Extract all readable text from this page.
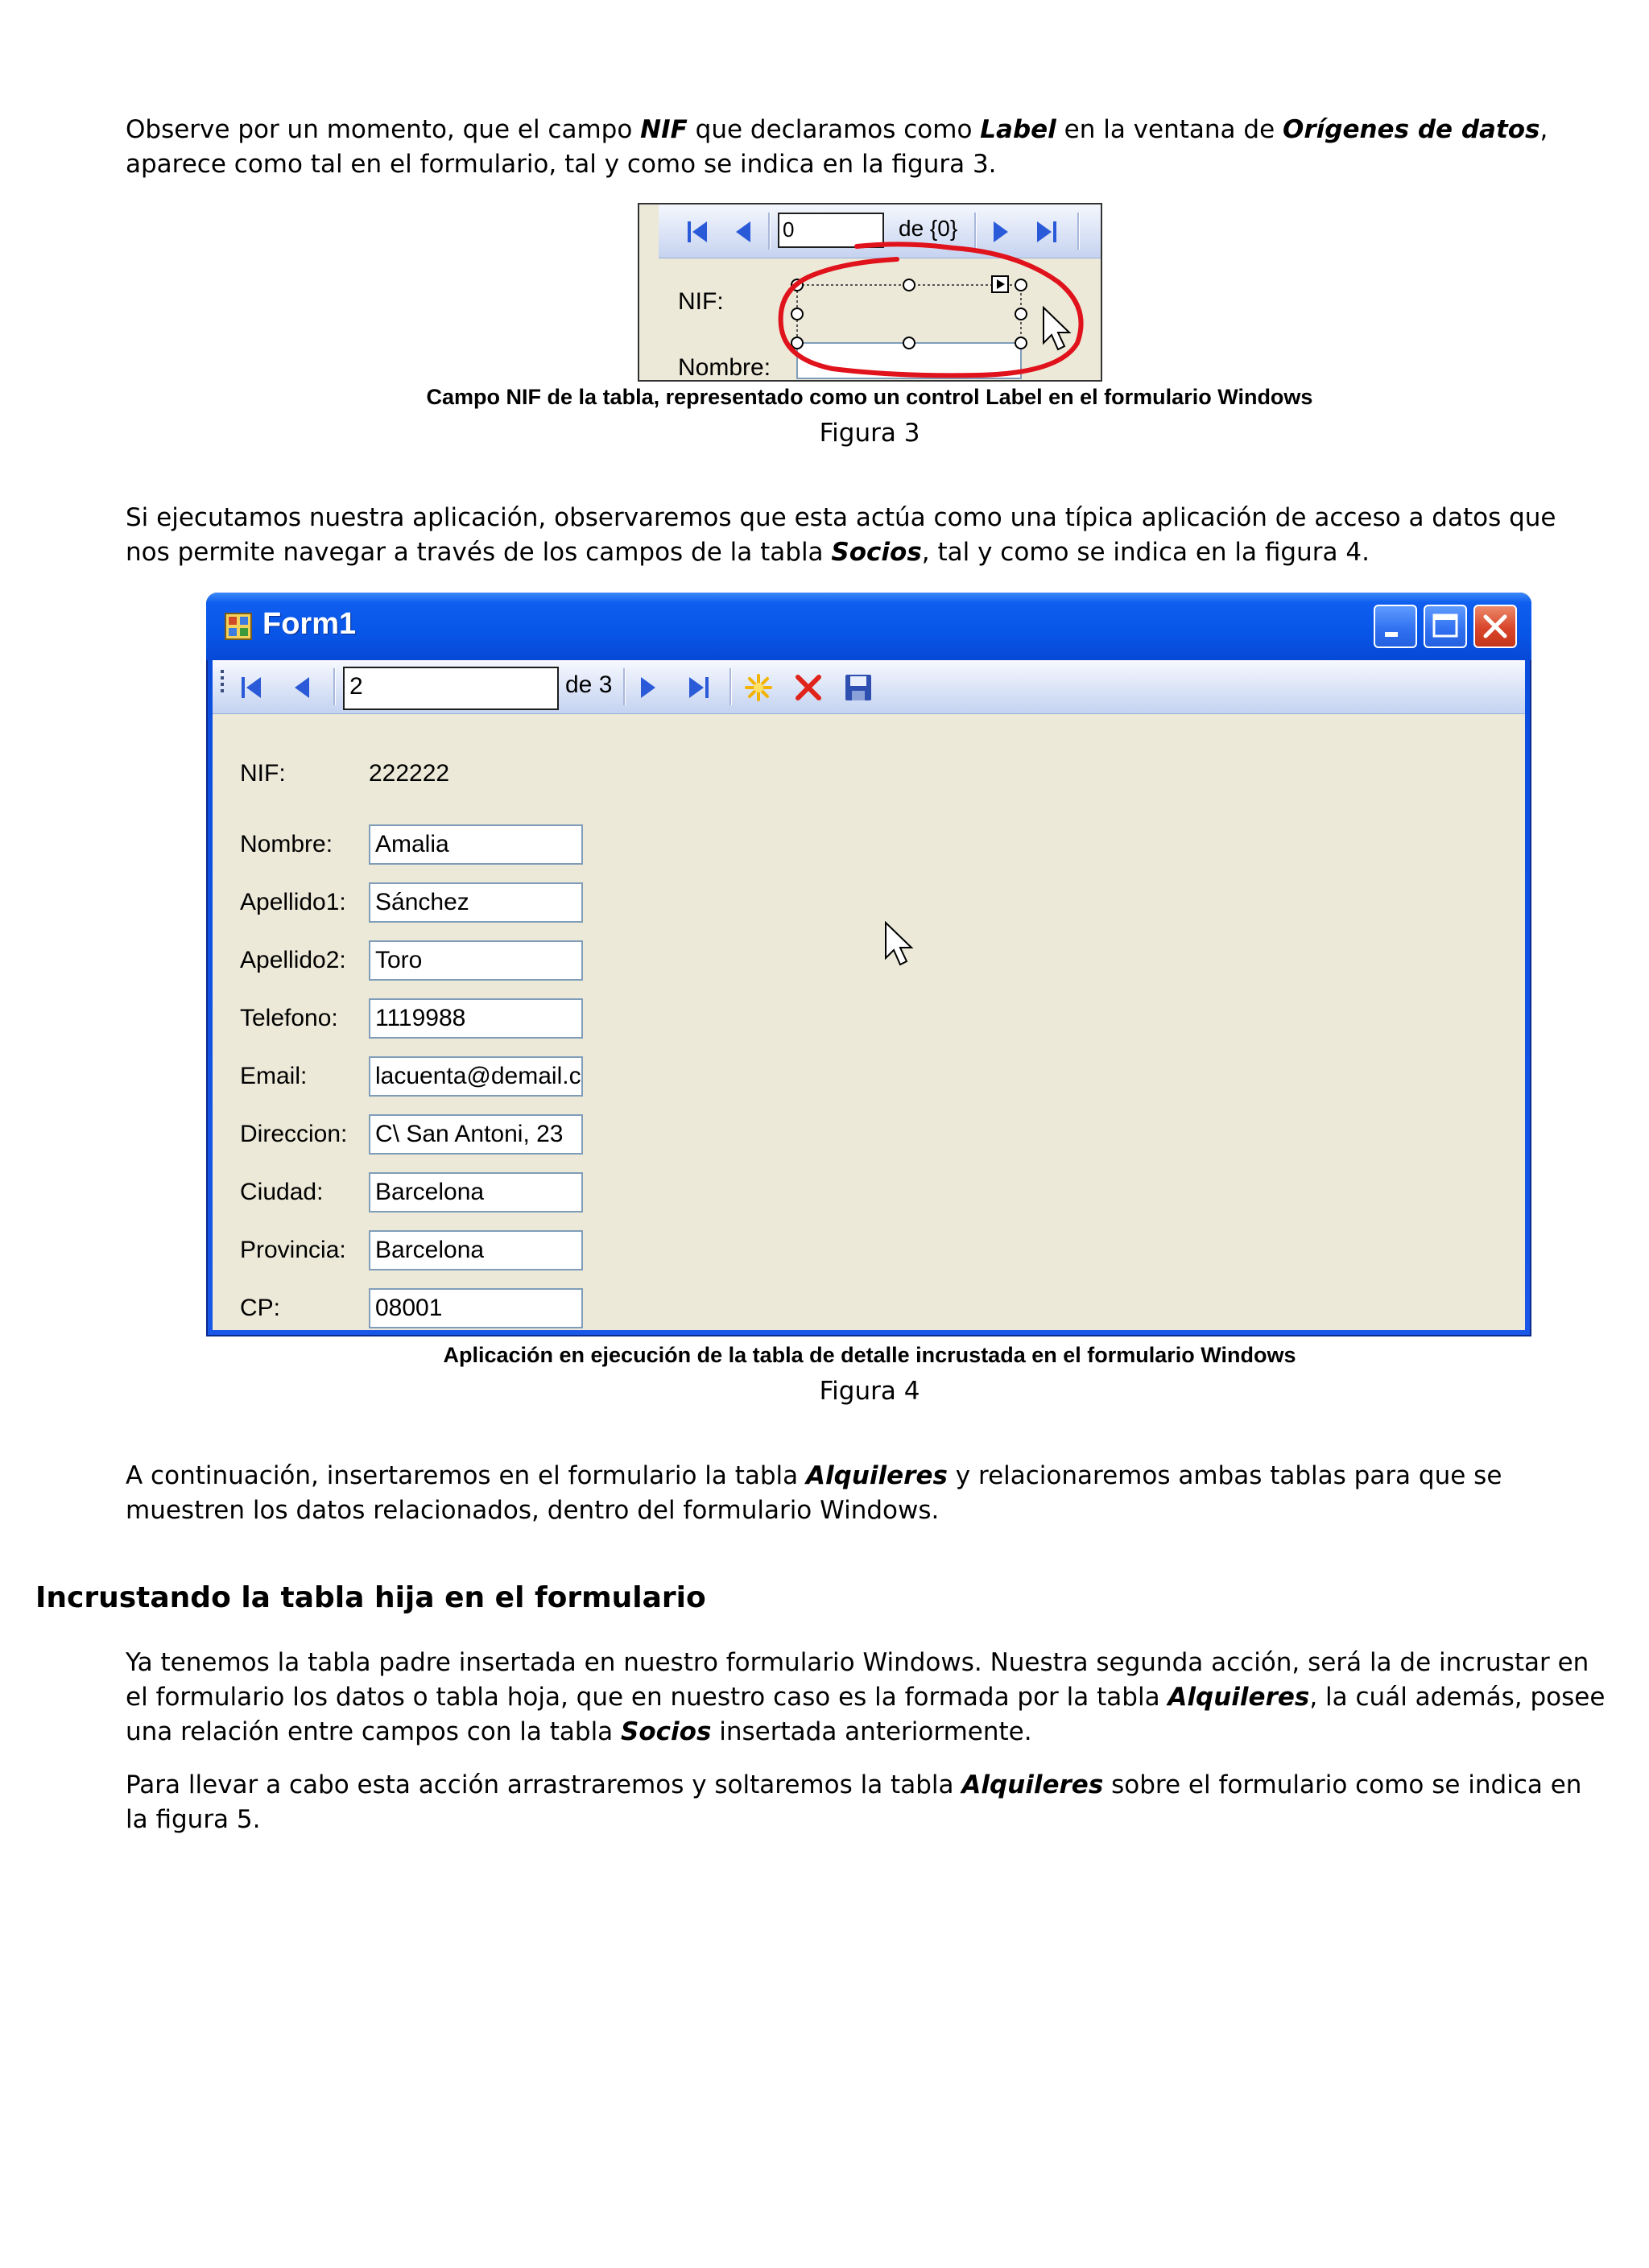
Observe por un momento, que el campo NIF que declaramos como Label en la ventana de Orígenes de datos, aparece como tal en el formulario, tal y como se indica en la figura 3.
0	de {0}
NIF:
Nombre:
Campo NIF de la tabla, representado como un control Label en el formulario Windows
Figura 3
Si ejecutamos nuestra aplicación, observaremos que esta actúa como una típica aplicación de acceso a datos que nos permite navegar a través de los campos de la tabla Socios, tal y como se indica en la figura 4.
Form1
2	de 3
NIF:	222222
Nombre: Amalia
Apellido1: Sánchez
Apellido2: Toro
Telefono: 1119988
Email:	lacuenta@demail.c
Direccion: C\ San Antoni, 23
Ciudad: Barcelona
Provincia: Barcelona
CP:	08001
Aplicación en ejecución de la tabla de detalle incrustada en el formulario Windows
Figura 4
A continuación, insertaremos en el formulario la tabla Alquileres y relacionaremos ambas tablas para que se muestren los datos relacionados, dentro del formulario Windows.
Incrustando la tabla hija en el formulario
Ya tenemos la tabla padre insertada en nuestro formulario Windows. Nuestra segunda acción, será la de incrustar en el formulario los datos o tabla hoja, que en nuestro caso es la formada por la tabla Alquileres, la cuál además, posee una relación entre campos con la tabla Socios insertada anteriormente.
Para llevar a cabo esta acción arrastraremos y soltaremos la tabla Alquileres sobre el formulario como se indica en la figura 5.
